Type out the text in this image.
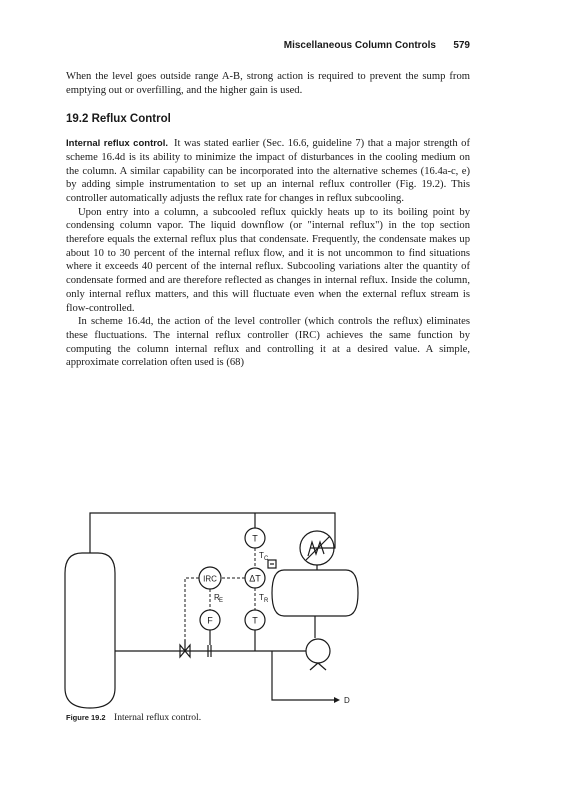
Miscellaneous Column Controls 579

When the level goes outside range A-B, strong action is required to prevent the sump from emptying out or overfilling, and the higher gain is used.

19.2 Reflux Control

Internal reflux control. It was stated earlier (Sec. 16.6, guideline 7) that a major strength of scheme 16.4d is its ability to minimize the impact of disturbances in the cooling medium on the column. A similar capability can be incorporated into the alternative schemes (16.4a-c, e) by adding simple instrumentation to set up an internal reflux controller (Fig. 19.2). This controller automatically adjusts the reflux rate for changes in reflux subcooling.

Upon entry into a column, a subcooled reflux quickly heats up to its boiling point by condensing column vapor. The liquid downflow (or "internal reflux") in the top section therefore equals the external reflux plus that condensate. Frequently, the condensate makes up about 10 to 30 percent of the internal reflux flow, and it is not uncommon to find situations where it exceeds 40 percent of the internal reflux. Subcooling variations alter the quantity of condensate formed and are therefore reflected as changes in internal reflux. Inside the column, only internal reflux matters, and this will fluctuate even when the external reflux stream is flow-controlled.

In scheme 16.4d, the action of the level controller (which controls the reflux) eliminates these fluctuations. The internal reflux controller (IRC) achieves the same function by computing the column internal reflux and controlling it at a desired value. A simple, approximate correlation often used is (68)

T
ΔT
IRC
F	T
T C
R E	T R
D
Figure 19.2 Internal reflux control.
